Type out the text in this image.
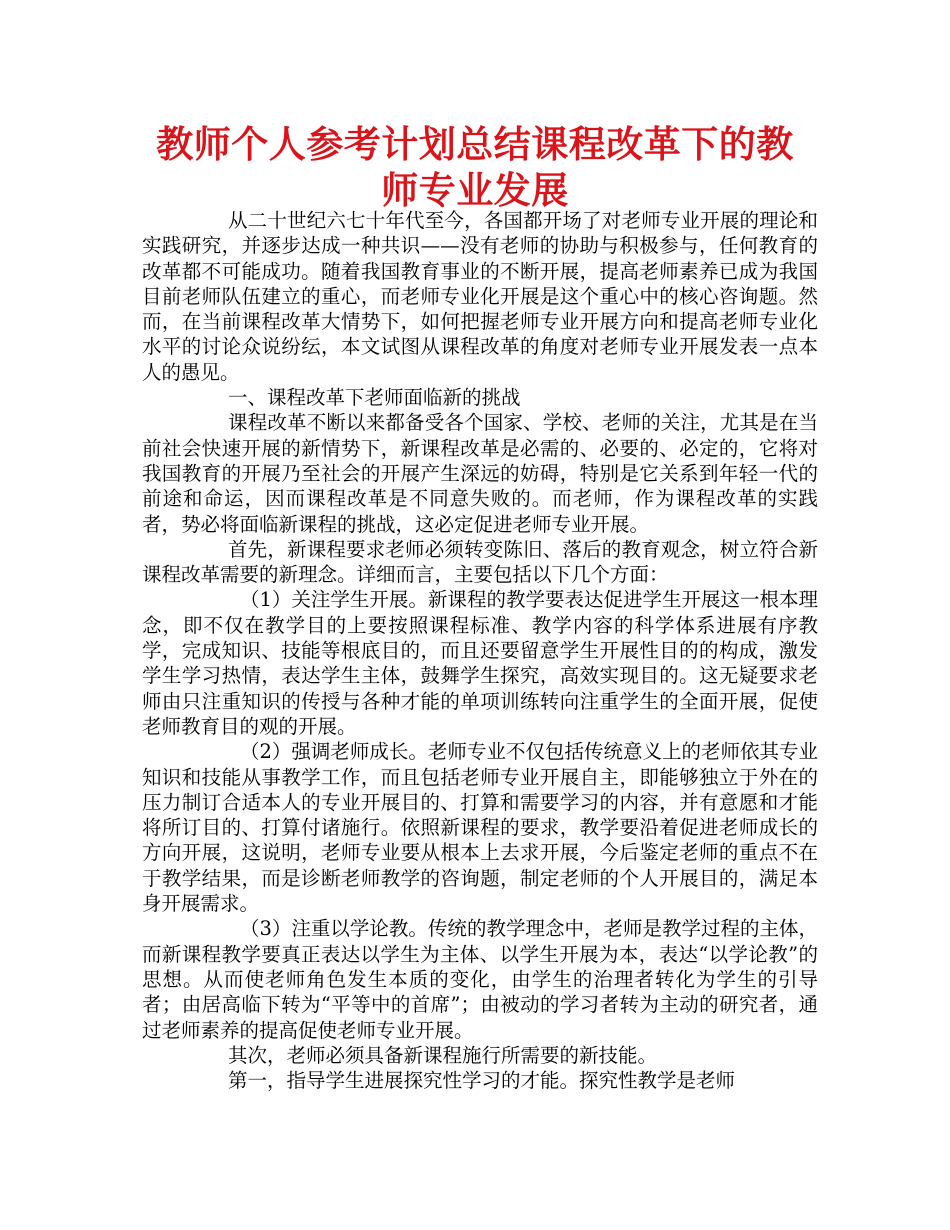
教师个人参考计划总结课程改革下的教师专业发展

从二十世纪六七十年代至今，各国都开场了对老师专业开展的理论和实践研究，并逐步达成一种共识——没有老师的协助与积极参与，任何教育的改革都不可能成功。随着我国教育事业的不断开展，提高老师素养已成为我国目前老师队伍建立的重心，而老师专业化开展是这个重心中的核心咨询题。然而，在当前课程改革大情势下，如何把握老师专业开展方向和提高老师专业化水平的讨论众说纷纭，本文试图从课程改革的角度对老师专业开展发表一点本人的愚见。

一、课程改革下老师面临新的挑战

课程改革不断以来都备受各个国家、学校、老师的关注，尤其是在当前社会快速开展的新情势下，新课程改革是必需的、必要的、必定的，它将对我国教育的开展乃至社会的开展产生深远的妨碍，特别是它关系到年轻一代的前途和命运，因而课程改革是不同意失败的。而老师，作为课程改革的实践者，势必将面临新课程的挑战，这必定促进老师专业开展。

首先，新课程要求老师必须转变陈旧、落后的教育观念，树立符合新课程改革需要的新理念。详细而言，主要包括以下几个方面：

（1）关注学生开展。新课程的教学要表达促进学生开展这一根本理念，即不仅在教学目的上要按照课程标准、教学内容的科学体系进展有序教学，完成知识、技能等根底目的，而且还要留意学生开展性目的的构成，激发学生学习热情，表达学生主体，鼓舞学生探究，高效实现目的。这无疑要求老师由只注重知识的传授与各种才能的单项训练转向注重学生的全面开展，促使老师教育目的观的开展。

（2）强调老师成长。老师专业不仅包括传统意义上的老师依其专业知识和技能从事教学工作，而且包括老师专业开展自主，即能够独立于外在的压力制订合适本人的专业开展目的、打算和需要学习的内容，并有意愿和才能将所订目的、打算付诸施行。依照新课程的要求，教学要沿着促进老师成长的方向开展，这说明，老师专业要从根本上去求开展，今后鉴定老师的重点不在于教学结果，而是诊断老师教学的咨询题，制定老师的个人开展目的，满足本身开展需求。

（3）注重以学论教。传统的教学理念中，老师是教学过程的主体，而新课程教学要真正表达以学生为主体、以学生开展为本，表达“以学论教”的思想。从而使老师角色发生本质的变化，由学生的治理者转化为学生的引导者；由居高临下转为“平等中的首席”；由被动的学习者转为主动的研究者，通过老师素养的提高促使老师专业开展。

其次，老师必须具备新课程施行所需要的新技能。

第一，指导学生进展探究性学习的才能。探究性教学是老师
